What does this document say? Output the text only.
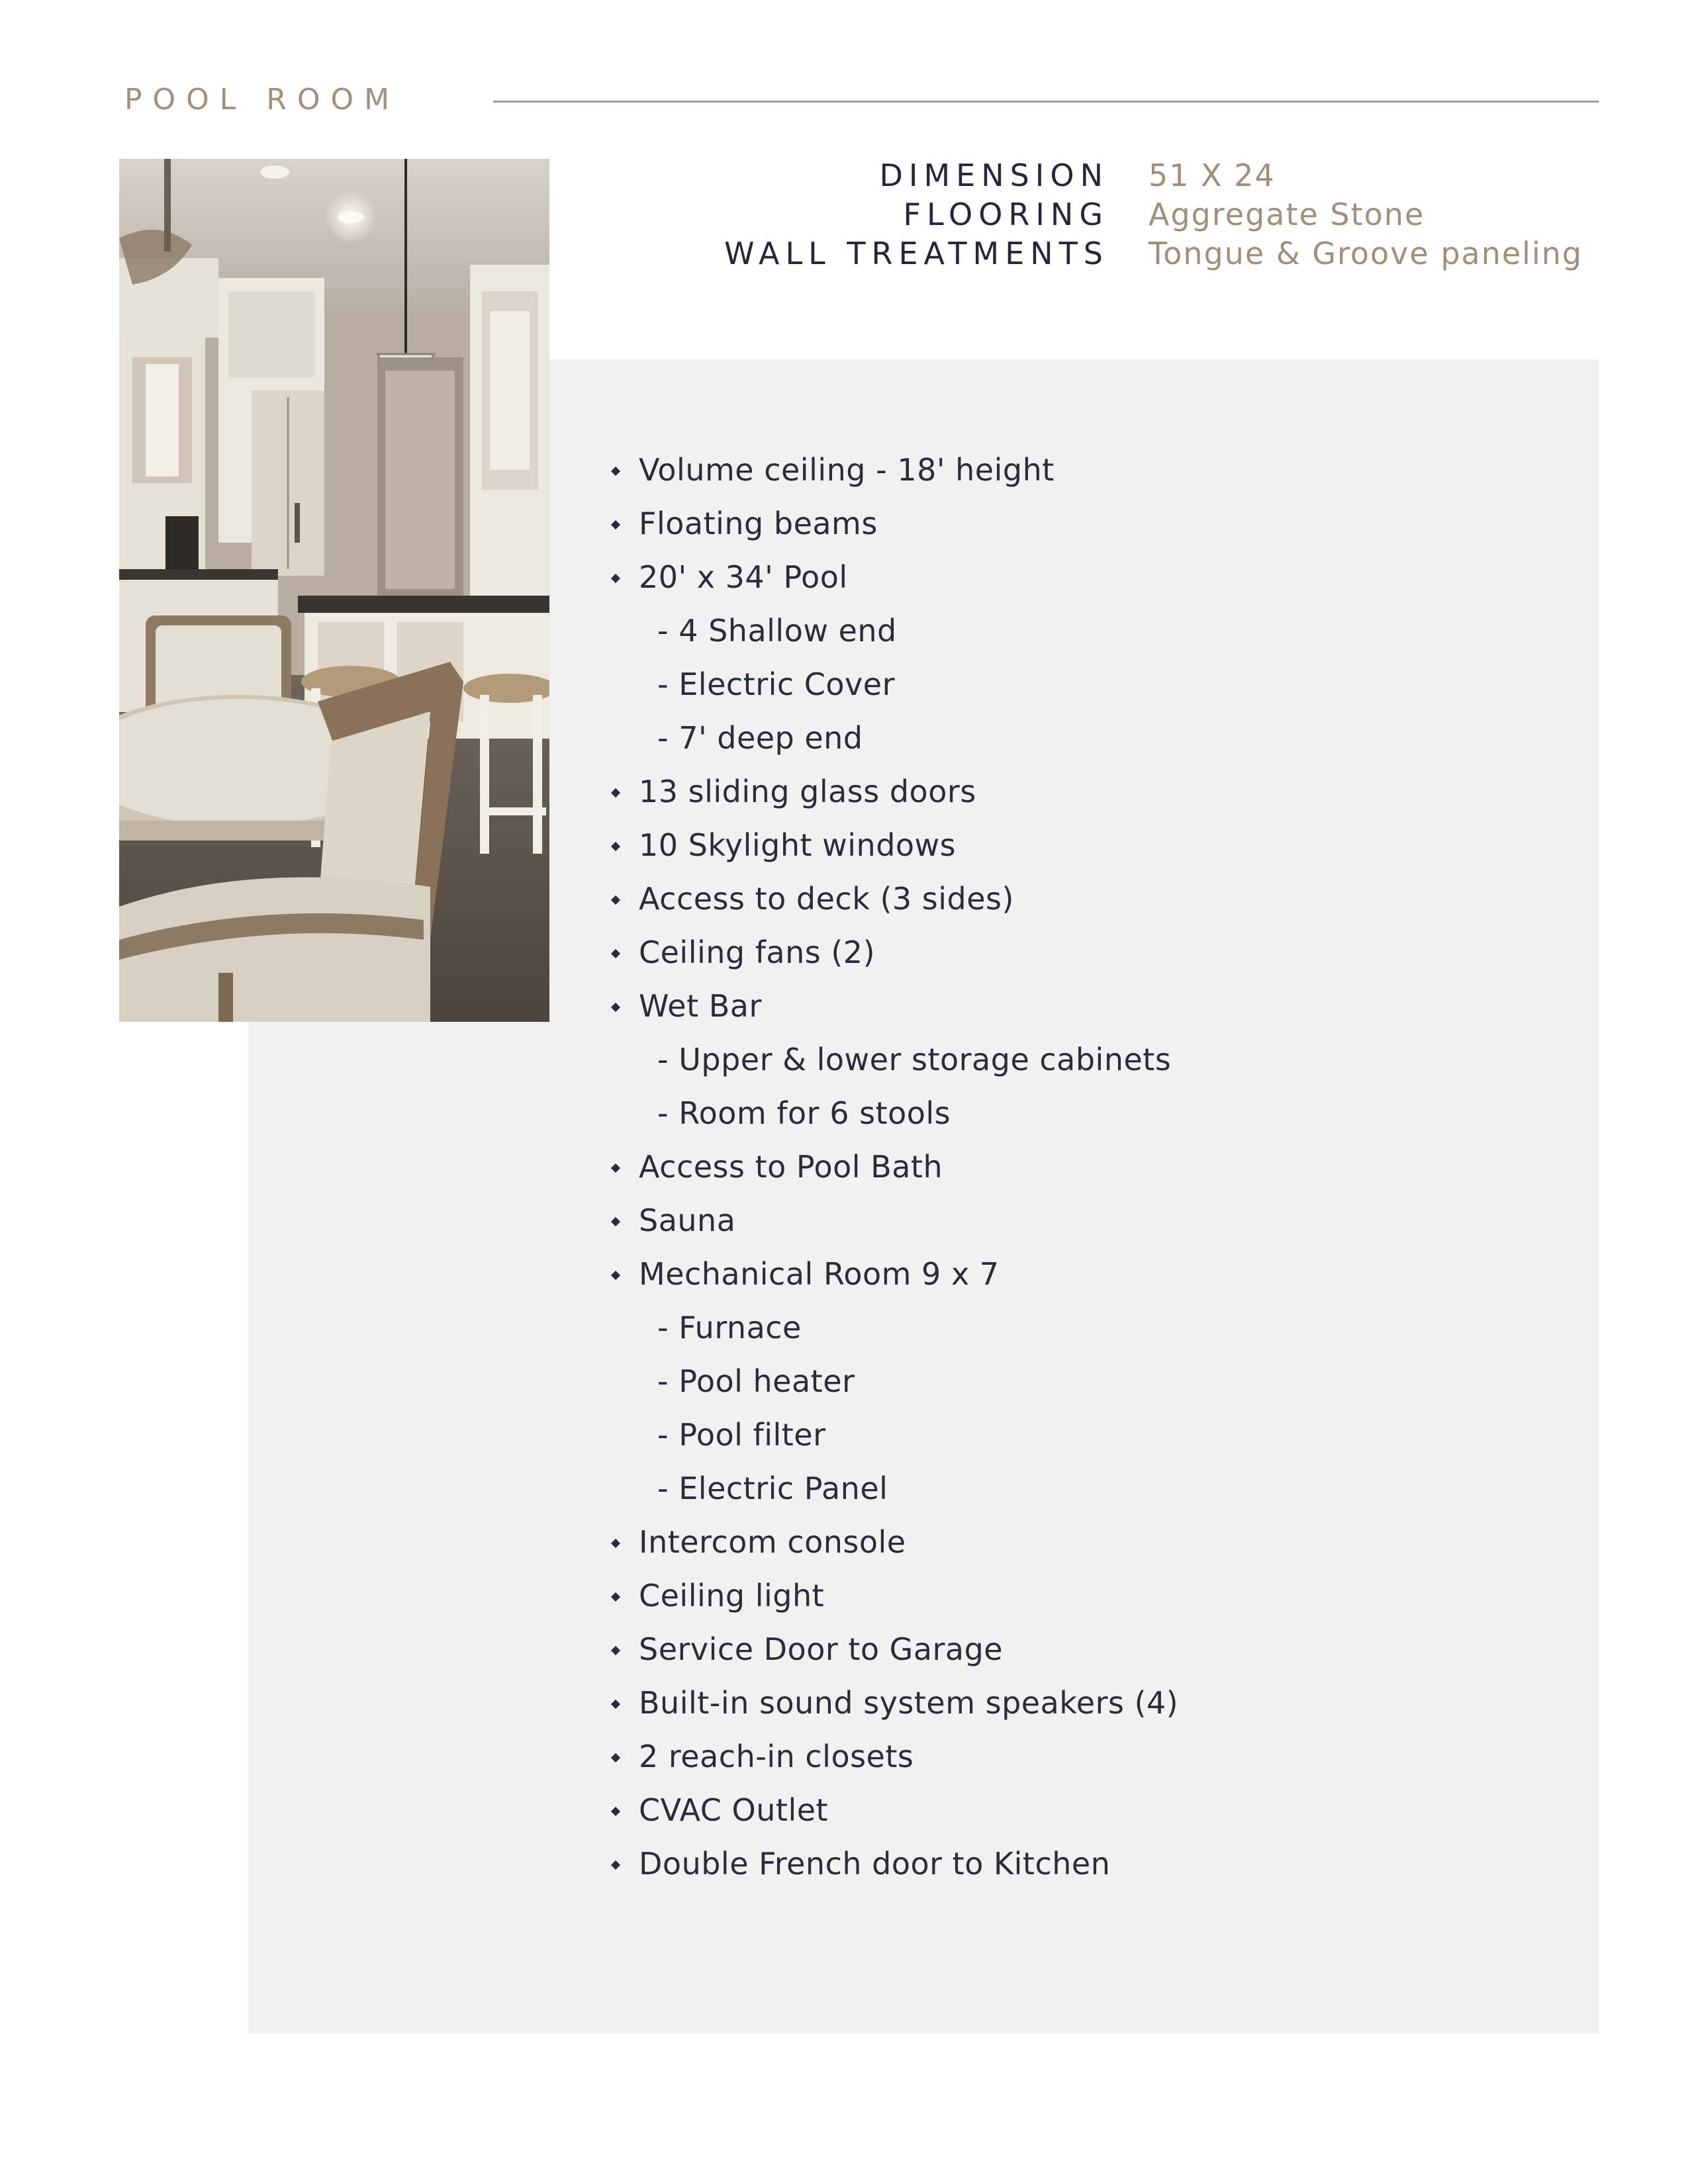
POOL ROOM
DIMENSION 51 X 24
FLOORING Aggregate Stone
WALL TREATMENTS Tongue & Groove paneling
Volume ceiling - 18' height
Floating beams
20' x 34' Pool
- 4 Shallow end
- Electric Cover
- 7' deep end
13 sliding glass doors
10 Skylight windows
Access to deck (3 sides)
Ceiling fans (2)
Wet Bar
- Upper & lower storage cabinets
- Room for 6 stools
Access to Pool Bath
Sauna
Mechanical Room 9 x 7
- Furnace
- Pool heater
- Pool filter
- Electric Panel
Intercom console
Ceiling light
Service Door to Garage
Built-in sound system speakers (4)
2 reach-in closets
CVAC Outlet
Double French door to Kitchen
